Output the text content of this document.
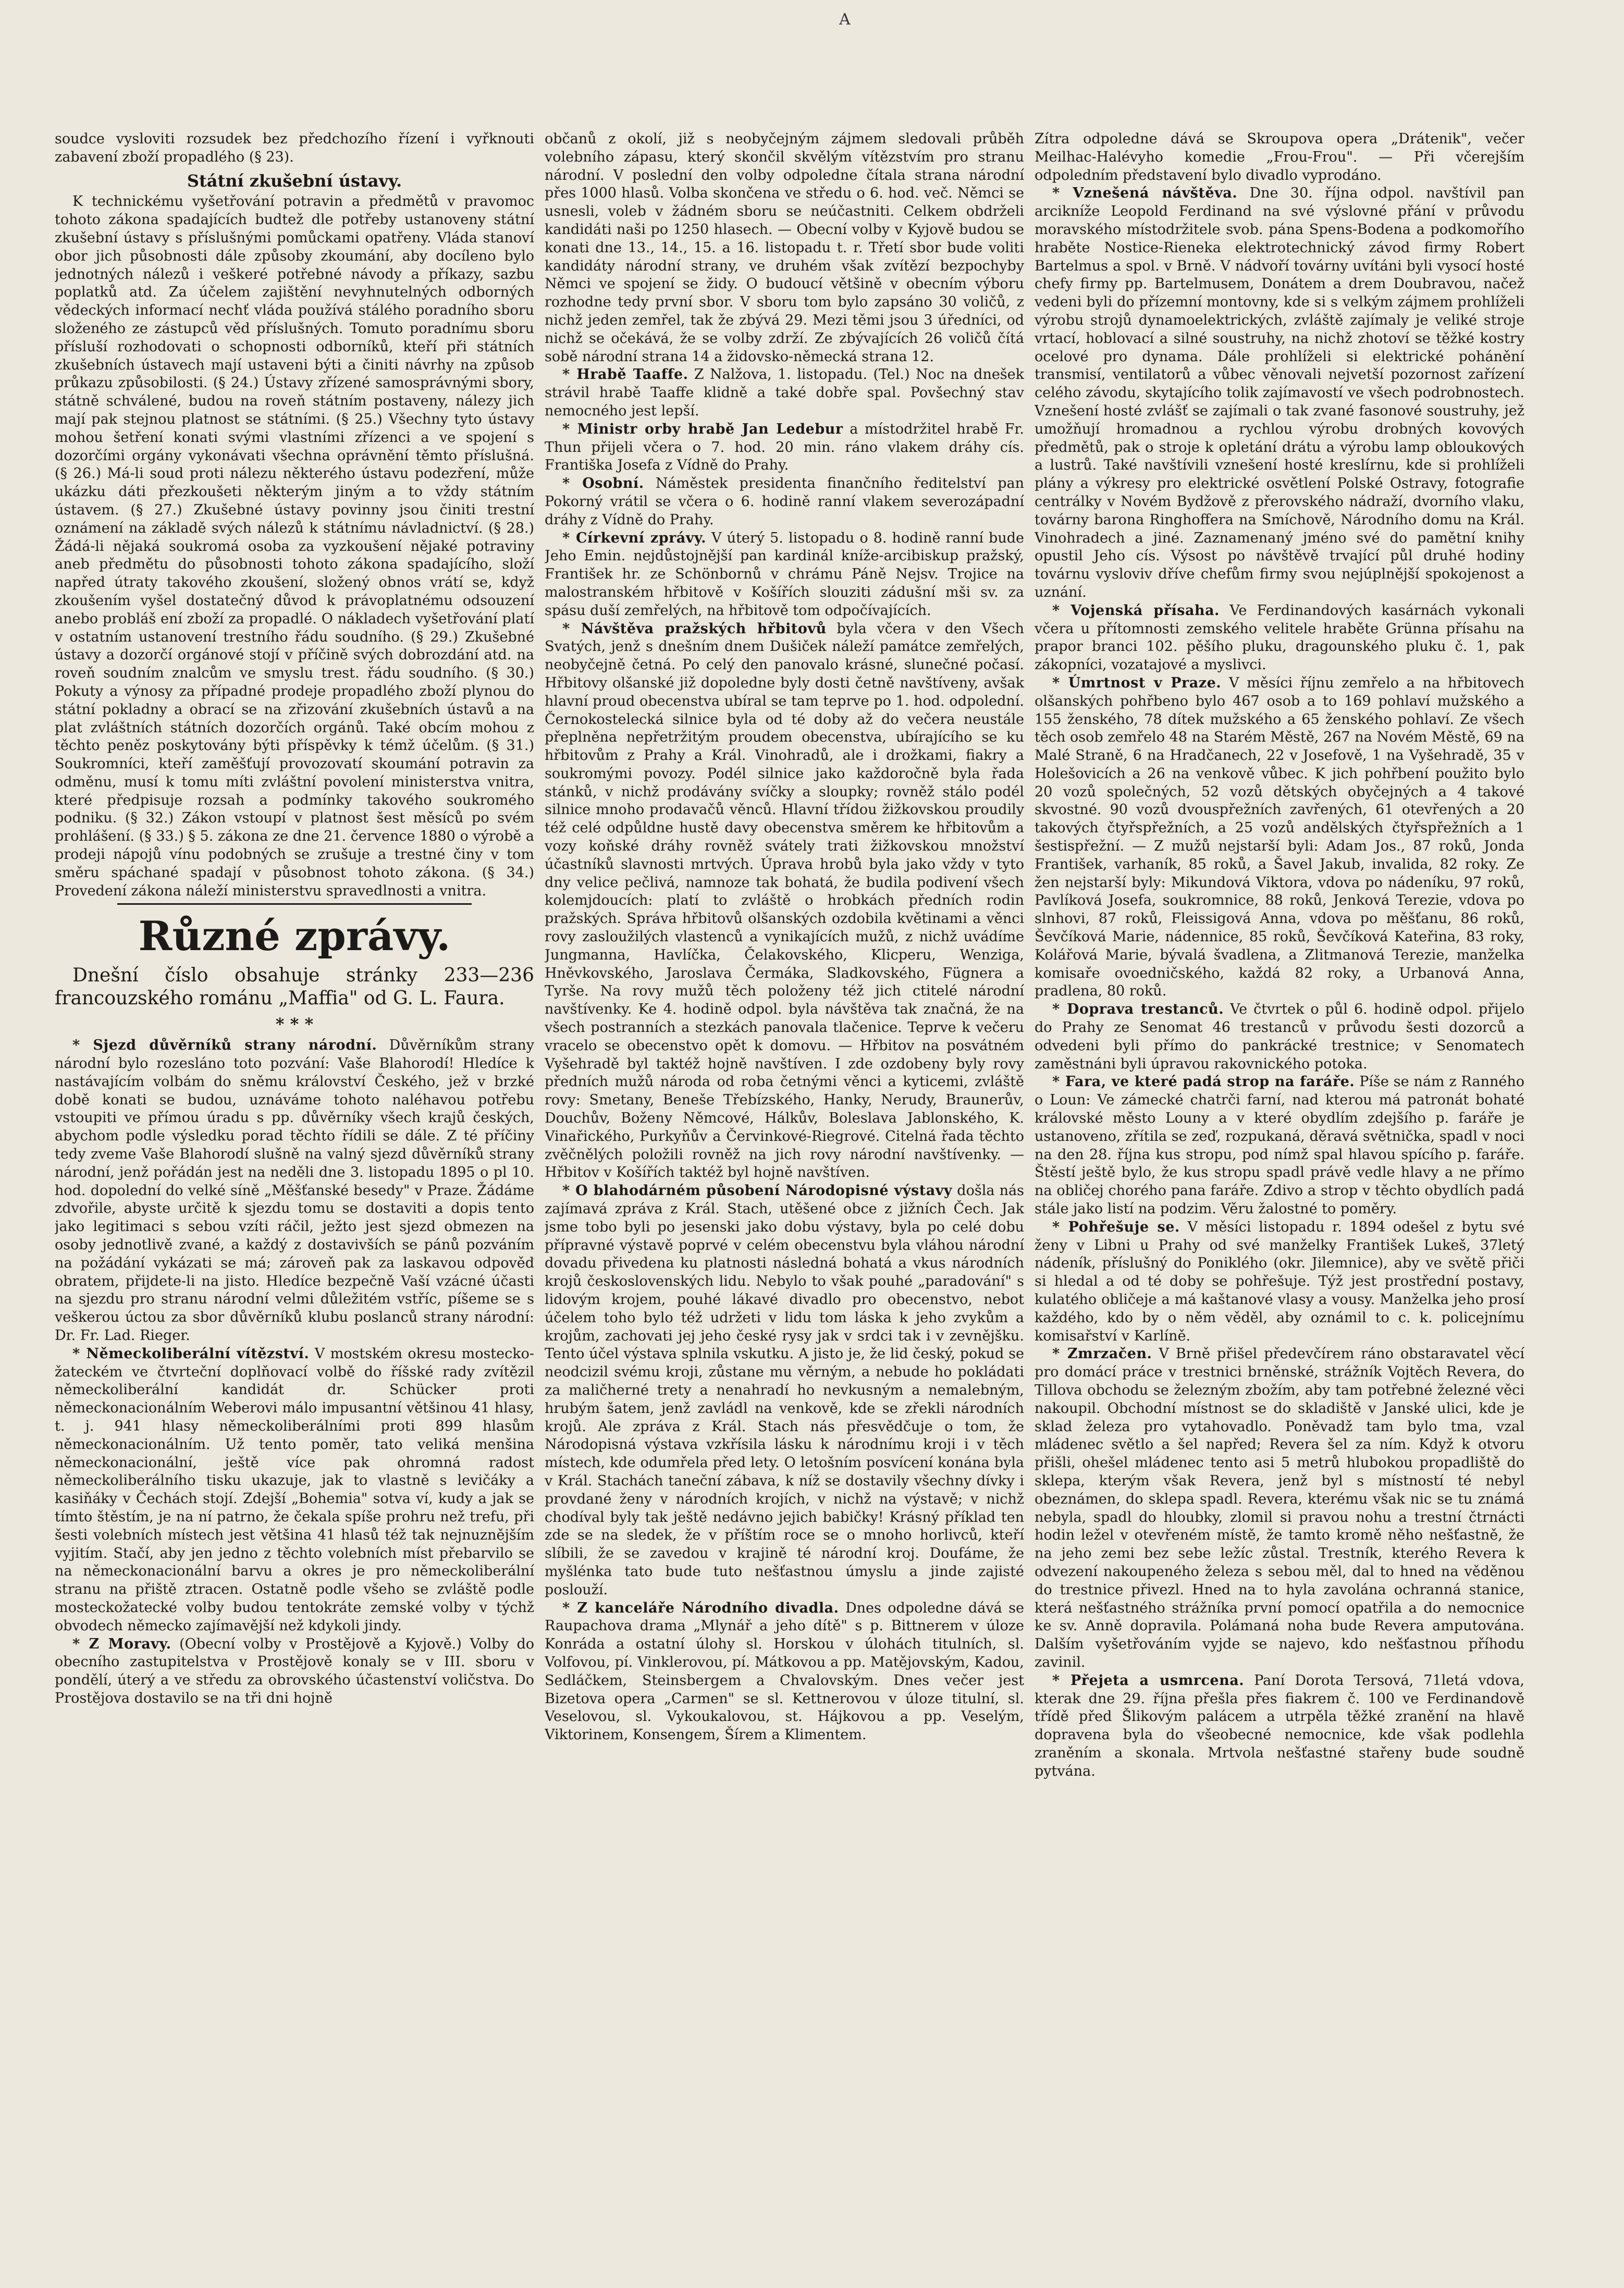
A

soudce vysloviti rozsudek bez předchozího řízení i vyřknouti zabavení zboží propadlého (§ 23).

Státní zkušební ústavy.

K technickému vyšetřování potravin a předmětů v pravomoc tohoto zákona spadajících budtež dle potřeby ustanoveny státní zkušební ústavy s příslušnými pomůckami opatřeny. Vláda stanoví obor jich působnosti dále způsoby zkoumání, aby docíleno bylo jednotných nálezů i veškeré potřebné návody a příkazy, sazbu poplatků atd. Za účelem zajištění nevyhnutelných odborných vědeckých informací nechť vláda používá stálého poradního sboru složeného ze zástupců věd příslušných. Tomuto poradnímu sboru přísluší rozhodovati o schopnosti odborníků, kteří při státních zkušebních ústavech mají ustaveni býti a činiti návrhy na způsob průkazu způsobilosti. (§ 24.) Ústavy zřízené samosprávnými sbory, státně schválené, budou na roveň státním postaveny, nálezy jich mají pak stejnou platnost se státními. (§ 25.) Všechny tyto ústavy mohou šetření konati svými vlastními zřízenci a ve spojení s dozorčími orgány vykonávati všechna oprávnění těmto příslušná. (§ 26.) Má-li soud proti nálezu některého ústavu podezření, může ukázku dáti přezkoušeti některým jiným a to vždy státním ústavem. (§ 27.) Zkušebné ústavy povinny jsou činiti trestní oznámení na základě svých nálezů k státnímu návladnictví. (§ 28.) Žádá-li nějaká soukromá osoba za vyzkoušení nějaké potraviny aneb předmětu do působnosti tohoto zákona spadajícího, složí napřed útraty takového zkoušení, složený obnos vrátí se, když zkoušením vyšel dostatečný důvod k právoplatnému odsouzení anebo probláš ení zboží za propadlé. O nákladech vyšetřování platí v ostatním ustanovení trestního řádu soudního. (§ 29.) Zkušebné ústavy a dozorčí orgánové stojí v příčině svých dobrozdání atd. na roveň soudním znalcům ve smyslu trest. řádu soudního. (§ 30.) Pokuty a výnosy za případné prodeje propadlého zboží plynou do státní pokladny a obrací se na zřizování zkušebních ústavů a na plat zvláštních státních dozorčích orgánů. Také obcím mohou z těchto peněz poskytovány býti příspěvky k témž účelům. (§ 31.) Soukromníci, kteří zaměšťují provozovatí skoumání potravin za odměnu, musí k tomu míti zvláštní povolení ministerstva vnitra, které předpisuje rozsah a podmínky takového soukromého podniku. (§ 32.) Zákon vstoupí v platnost šest měsíců po svém prohlášení. (§ 33.) § 5. zákona ze dne 21. července 1880 o výrobě a prodeji nápojů vínu podobných se zrušuje a trestné činy v tom směru spáchané spadají v působnost tohoto zákona. (§ 34.) Provedení zákona náleží ministerstvu spravedlnosti a vnitra.

Různé zprávy.

Dnešní číslo obsahuje stránky 233—236 francouzského románu „Maffia" od G. L. Faura.

* * *

* Sjezd důvěrníků strany národní. Důvěrníkům strany národní bylo rozesláno toto pozvání: Vaše Blahorodí! Hledíce k nastávajícím volbám do sněmu království Českého, jež v brzké době konati se budou, uznáváme tohoto naléhavou potřebu vstoupiti ve přímou úradu s pp. důvěrníky všech krajů českých, abychom podle výsledku porad těchto řídili se dále. Z té příčiny tedy zveme Vaše Blahorodí slušně na valný sjezd důvěrníků strany národní, jenž pořádán jest na neděli dne 3. listopadu 1895 o pl 10. hod. dopolední do velké síně „Měšťanské besedy" v Praze. Žádáme zdvořile, abyste určitě k sjezdu tomu se dostaviti a dopis tento jako legitimaci s sebou vzíti ráčil, ježto jest sjezd obmezen na osoby jednotlivě zvané, a každý z dostavivších se pánů pozváním na požádání vykázati se má; zároveň pak za laskavou odpověď obratem, přijdete-li na jisto. Hledíce bezpečně Vaší vzácné účasti na sjezdu pro stranu národní velmi důležitém vstříc, píšeme se s veškerou úctou za sbor důvěrníků klubu poslanců strany národní: Dr. Fr. Lad. Rieger.

* Německoliberální vítězství. V mostském okresu mostecko-žateckém ve čtvrteční doplňovací volbě do říšské rady zvítězil německoliberální kandidát dr. Schücker proti německonacionálním Weberovi málo impusantní většinou 41 hlasy, t. j. 941 hlasy německoliberálními proti 899 hlasům německonacionálním. Už tento poměr, tato veliká menšina německonacionální, ještě více pak ohromná radost německoliberálního tisku ukazuje, jak to vlastně s levičáky a kasiňáky v Čechách stojí. Zdejší „Bohemia" sotva ví, kudy a jak se tímto štěstím, je na ní patrno, že čekala spíše prohru než trefu, při šesti volebních místech jest většina 41 hlasů též tak nejnuznějším vyjitím. Stačí, aby jen jedno z těchto volebních míst přebarvilo se na německonacionální barvu a okres je pro německoliberální stranu na přiště ztracen. Ostatně podle všeho se zvláště podle mosteckožatecké volby budou tentokráte zemské volby v týchž obvodech německo zajímavější než kdykoli jindy.

* Z Moravy. (Obecní volby v Prostějově a Kyjově.) Volby do obecního zastupitelstva v Prostějově konaly se v III. sboru v pondělí, úterý a ve středu za obrovského účastenství voličstva. Do Prostějova dostavilo se na tři dni hojně

občanů z okolí, již s neobyčejným zájmem sledovali průběh volebního zápasu, který skončil skvělým vítězstvím pro stranu národní. V poslední den volby odpoledne čítala strana národní přes 1000 hlasů. Volba skončena ve středu o 6. hod. več. Němci se usnesli, voleb v žádném sboru se neúčastniti. Celkem obdrželi kandidáti naši po 1250 hlasech. — Obecní volby v Kyjově budou se konati dne 13., 14., 15. a 16. listopadu t. r. Třetí sbor bude voliti kandidáty národní strany, ve druhém však zvítězí bezpochyby Němci ve spojení se židy. O budoucí většině v obecním výboru rozhodne tedy první sbor. V sboru tom bylo zapsáno 30 voličů, z nichž jeden zemřel, tak že zbývá 29. Mezi těmi jsou 3 úředníci, od nichž se očekává, že se volby zdrží. Ze zbývajících 26 voličů čítá sobě národní strana 14 a židovsko-německá strana 12.

* Hrabě Taaffe. Z Nalžova, 1. listopadu. (Tel.) Noc na dnešek strávil hrabě Taaffe klidně a také dobře spal. Povšechný stav nemocného jest lepší.

* Ministr orby hrabě Jan Ledebur a místodržitel hrabě Fr. Thun přijeli včera o 7. hod. 20 min. ráno vlakem dráhy cís. Františka Josefa z Vídně do Prahy.

* Osobní. Náměstek presidenta finančního ředitelství pan Pokorný vrátil se včera o 6. hodině ranní vlakem severozápadní dráhy z Vídně do Prahy.

* Církevní zprávy. V úterý 5. listopadu o 8. hodině ranní bude Jeho Emin. nejdůstojnější pan kardinál kníže-arcibiskup pražský, František hr. ze Schönbornů v chrámu Páně Nejsv. Trojice na malostranském hřbitově v Košířích slouziti zádušní mši sv. za spásu duší zemřelých, na hřbitově tom odpočívajících.

* Návštěva pražských hřbitovů byla včera v den Všech Svatých, jenž s dnešním dnem Dušiček náleží památce zemřelých, neobyčejně četná. Po celý den panovalo krásné, slunečné počasí. Hřbitovy olšanské již dopoledne byly dosti četně navštíveny, avšak hlavní proud obecenstva ubíral se tam teprve po 1. hod. odpolední. Černokostelecká silnice byla od té doby až do večera neustále přeplněna nepřetržitým proudem obecenstva, ubírajícího se ku hřbitovům z Prahy a Král. Vinohradů, ale i drožkami, fiakry a soukromými povozy. Podél silnice jako každoročně byla řada stánků, v nichž prodávány svíčky a sloupky; rovněž stálo podél silnice mnoho prodavačů věnců. Hlavní třídou žižkovskou proudily též celé odpůldne hustě davy obecenstva směrem ke hřbitovům a vozy koňské dráhy rovněž svátely trati žižkovskou množství účastníků slavnosti mrtvých. Úprava hrobů byla jako vždy v tyto dny velice pečlivá, namnoze tak bohatá, že budila podivení všech kolemjdoucích: platí to zvláště o hrobkách předních rodin pražských. Správa hřbitovů olšanských ozdobila květinami a věnci rovy zasloužilých vlastenců a vynikajících mužů, z nichž uvádíme Jungmanna, Havlíčka, Čelakovského, Klicperu, Wenziga, Hněvkovského, Jaroslava Čermáka, Sladkovského, Fügnera a Tyrše. Na rovy mužů těch položeny též jich ctitelé národní navštívenky. Ke 4. hodině odpol. byla návštěva tak značná, že na všech postranních a stezkách panovala tlačenice. Teprve k večeru vracelo se obecenstvo opět k domovu. — Hřbitov na posvátném Vyšehradě byl taktéž hojně navštíven. I zde ozdobeny byly rovy předních mužů národa od roba četnými věnci a kyticemi, zvláště rovy: Smetany, Beneše Třebízského, Hanky, Nerudy, Braunerův, Douchův, Boženy Němcové, Hálkův, Boleslava Jablonského, K. Vinařického, Purkyňův a Červinkové-Riegrové. Citelná řada těchto zvěčnělých položili rovněž na jich rovy národní navštívenky. — Hřbitov v Košířích taktéž byl hojně navštíven.

* O blahodárném působení Národopisné výstavy došla nás zajímavá zpráva z Král. Stach, utěšené obce z jižních Čech. Jak jsme tobo byli po jesenski jako dobu výstavy, byla po celé dobu přípravné výstavě poprvé v celém obecenstvu byla vláhou národní dovadu přivedena ku platnosti následná bohatá a vkus národních krojů československých lidu. Nebylo to však pouhé „paradování" s lidovým krojem, pouhé lákavé divadlo pro obecenstvo, nebot účelem toho bylo též udržeti v lidu tom láska k jeho zvykům a krojům, zachovati jej jeho české rysy jak v srdci tak i v zevnějšku. Tento účel výstava splnila vskutku. A jisto je, že lid český, pokud se neodcizil svému kroji, zůstane mu věrným, a nebude ho pokládati za maličherné trety a nenahradí ho nevkusným a nemalebným, hrubým šatem, jenž zavládl na venkově, kde se zřekli národních krojů. Ale zpráva z Král. Stach nás přesvědčuje o tom, že Národopisná výstava vzkřísila lásku k národnímu kroji i v těch místech, kde odumřela před lety. O letošním posvícení konána byla v Král. Stachách taneční zábava, k níž se dostavily všechny dívky i provdané ženy v národních krojích, v nichž na výstavě; v nichž chodíval byly tak ještě nedávno jejich babičky! Krásný příklad ten zde se na sledek, že v příštím roce se o mnoho horlivců, kteří slíbili, že se zavedou v krajině té národní kroj. Doufáme, že myšlénka tato bude tuto nešťastnou úmyslu a jinde zajisté poslouží.

* Z kanceláře Národního divadla. Dnes odpoledne dává se Raupachova drama „Mlynář a jeho dítě" s p. Bittnerem v úloze Konráda a ostatní úlohy sl. Horskou v úlohách titulních, sl. Volfovou, pí. Vinklerovou, pí. Mátkovou a pp. Matějovským, Kadou, Sedláčkem, Steinsbergem a Chvalovským. Dnes večer jest Bizetova opera „Carmen" se sl. Kettnerovou v úloze titulní, sl. Veselovou, sl. Vykoukalovou, st. Hájkovou a pp. Veselým, Viktorinem, Konsengem, Šírem a Klimentem.

Zítra odpoledne dává se Skroupova opera „Drátenik", večer Meilhac-Halévyho komedie „Frou-Frou". — Při včerejším odpoledním představení bylo divadlo vyprodáno.

* Vznešená návštěva. Dne 30. října odpol. navštívil pan arcikníže Leopold Ferdinand na své výslovné přání v průvodu moravského místodržitele svob. pána Spens-Bodena a podkomořího hraběte Nostice-Rieneka elektrotechnický závod firmy Robert Bartelmus a spol. v Brně. V nádvoří továrny uvítáni byli vysocí hosté chefy firmy pp. Bartelmusem, Donátem a drem Doubravou, načež vedeni byli do přízemní montovny, kde si s velkým zájmem prohlíželi výrobu strojů dynamoelektrických, zvláště zajímaly je veliké stroje vrtací, hoblovací a silné soustruhy, na nichž zhotoví se těžké kostry ocelové pro dynama. Dále prohlíželi si elektrické pohánění transmisí, ventilatorů a vůbec věnovali nejvetší pozornost zařízení celého závodu, skytajícího tolik zajímavostí ve všech podrobnostech. Vznešení hosté zvlášť se zajímali o tak zvané fasonové soustruhy, jež umožňují hromadnou a rychlou výrobu drobných kovových předmětů, pak o stroje k opletání drátu a výrobu lamp obloukových a lustrů. Také navštívili vznešení hosté kreslírnu, kde si prohlíželi plány a výkresy pro elektrické osvětlení Polské Ostravy, fotografie centrálky v Novém Bydžově z přerovského nádraží, dvorního vlaku, továrny barona Ringhoffera na Smíchově, Národního domu na Král. Vinohradech a jiné. Zaznamenaný jméno své do pamětní knihy opustil Jeho cís. Výsost po návštěvě trvající půl druhé hodiny továrnu vysloviv dříve chefům firmy svou nejúplnější spokojenost a uznání.

* Vojenská přísaha. Ve Ferdinandových kasárnách vykonali včera u přítomnosti zemského velitele hraběte Grünna přísahu na prapor branci 102. pěšího pluku, dragounského pluku č. 1, pak zákopníci, vozatajové a myslivci.

* Úmrtnost v Praze. V měsíci říjnu zemřelo a na hřbitovech olšanských pohřbeno bylo 467 osob a to 169 pohlaví mužského a 155 ženského, 78 dítek mužského a 65 ženského pohlaví. Ze všech těch osob zemřelo 48 na Starém Městě, 267 na Novém Městě, 69 na Malé Straně, 6 na Hradčanech, 22 v Josefově, 1 na Vyšehradě, 35 v Holešovicích a 26 na venkově vůbec. K jich pohřbení použito bylo 20 vozů společných, 52 vozů dětských obyčejných a 4 takové skvostné. 90 vozů dvouspřežních zavřených, 61 otevřených a 20 takových čtyřspřežních, a 25 vozů andělských čtyřspřežních a 1 šestispřežní. — Z mužů nejstarší byli: Adam Jos., 87 roků, Jonda František, varhaník, 85 roků, a Šavel Jakub, invalida, 82 roky. Ze žen nejstarší byly: Mikundová Viktora, vdova po nádeníku, 97 roků, Pavlíková Josefa, soukromnice, 88 roků, Jenková Terezie, vdova po slnhovi, 87 roků, Fleissigová Anna, vdova po měšťanu, 86 roků, Ševčíková Marie, nádennice, 85 roků, Ševčíková Kateřina, 83 roky, Kolářová Marie, bývalá švadlena, a Zlitmanová Terezie, manželka komisaře ovoedničského, každá 82 roky, a Urbanová Anna, pradlena, 80 roků.

* Doprava trestanců. Ve čtvrtek o půl 6. hodině odpol. přijelo do Prahy ze Senomat 46 trestanců v průvodu šesti dozorců a odvedeni byli přímo do pankrácké trestnice; v Senomatech zaměstnáni byli úpravou rakovnického potoka.

* Fara, ve které padá strop na faráře. Píše se nám z Ranného o Loun: Ve zámecké chatrči farní, nad kterou má patronát bohaté královské město Louny a v které obydlím zdejšího p. faráře je ustanoveno, zřítila se zeď, rozpukaná, děravá světnička, spadl v noci na den 28. října kus stropu, pod nímž spal hlavou spícího p. faráře. Štěstí ještě bylo, že kus stropu spadl právě vedle hlavy a ne přímo na obličej chorého pana faráře. Zdivo a strop v těchto obydlích padá stále jako listí na podzim. Věru žalostné to poměry.

* Pohřešuje se. V měsíci listopadu r. 1894 odešel z bytu své ženy v Libni u Prahy od své manželky František Lukeš, 37letý nádeník, příslušný do Poniklého (okr. Jilemnice), aby ve světě přiči si hledal a od té doby se pohřešuje. Týž jest prostřední postavy, kulatého obličeje a má kaštanové vlasy a vousy. Manželka jeho prosí každého, kdo by o něm věděl, aby oznámil to c. k. policejnímu komisařství v Karlíně.

* Zmrzačen. V Brně přišel předevčírem ráno obstaravatel věcí pro domácí práce v trestnici brněnské, strážník Vojtěch Revera, do Tillova obchodu se železným zbožím, aby tam potřebné železné věci nakoupil. Obchodní místnost se do skladiště v Janské ulici, kde je sklad železa pro vytahovadlo. Poněvadž tam bylo tma, vzal mládenec světlo a šel napřed; Revera šel za ním. Když k otvoru přišli, ohešel mládenec tento asi 5 metrů hlubokou propadliště do sklepa, kterým však Revera, jenž byl s místností té nebyl obeznámen, do sklepa spadl. Revera, kterému však nic se tu známá nebyla, spadl do hloubky, zlomil si pravou nohu a trestní čtrnácti hodin ležel v otevřeném místě, že tamto kromě něho nešťastně, že na jeho zemi bez sebe ležíc zůstal. Trestník, kterého Revera k odvezení nakoupeného železa s sebou měl, dal to hned na věděnou do trestnice přivezl. Hned na to hyla zavolána ochranná stanice, která nešťastného strážníka první pomocí opatřila a do nemocnice ke sv. Anně dopravila. Polámaná noha bude Revera amputována. Dalším vyšetřováním vyjde se najevo, kdo nešťastnou příhodu zavinil.

* Přejeta a usmrcena. Paní Dorota Tersová, 71letá vdova, kterak dne 29. října přešla přes fiakrem č. 100 ve Ferdinandově třídě před Šlikovým palácem a utrpěla těžké zranění na hlavě dopravena byla do všeobecné nemocnice, kde však podlehla zraněním a skonala. Mrtvola nešťastné stařeny bude soudně pytvána.
